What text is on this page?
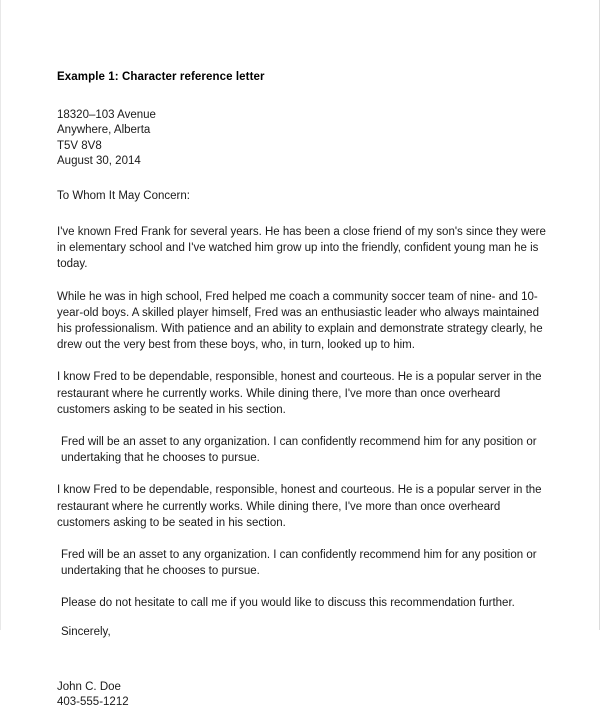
Example 1: Character reference letter
18320–103 Avenue
Anywhere, Alberta
T5V 8V8
August 30, 2014

To Whom It May Concern:

I've known Fred Frank for several years. He has been a close friend of my son's since they were in elementary school and I've watched him grow up into the friendly, confident young man he is today.

While he was in high school, Fred helped me coach a community soccer team of nine- and 10-year-old boys. A skilled player himself, Fred was an enthusiastic leader who always maintained his professionalism. With patience and an ability to explain and demonstrate strategy clearly, he drew out the very best from these boys, who, in turn, looked up to him.

I know Fred to be dependable, responsible, honest and courteous. He is a popular server in the restaurant where he currently works. While dining there, I've more than once overheard customers asking to be seated in his section.

Fred will be an asset to any organization. I can confidently recommend him for any position or undertaking that he chooses to pursue.

I know Fred to be dependable, responsible, honest and courteous. He is a popular server in the restaurant where he currently works. While dining there, I've more than once overheard customers asking to be seated in his section.

Fred will be an asset to any organization. I can confidently recommend him for any position or undertaking that he chooses to pursue.

Please do not hesitate to call me if you would like to discuss this recommendation further.

Sincerely,

John C. Doe
403-555-1212
